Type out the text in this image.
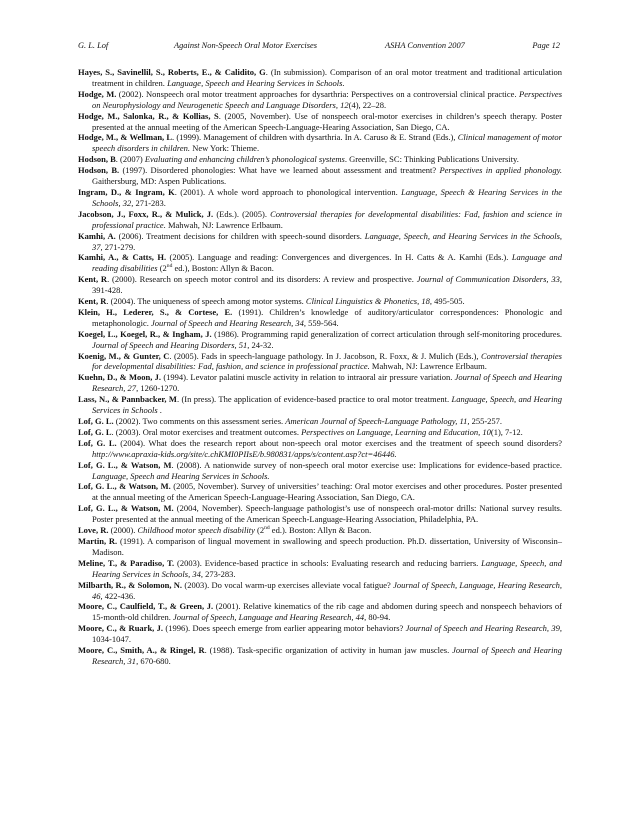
G. L. Lof	Against Non-Speech Oral Motor Exercises	ASHA Convention 2007	Page 12

Hayes, S., Savinellil, S., Roberts, E., & Calidito, G. (In submission). Comparison of an oral motor treatment and traditional articulation treatment in children. Language, Speech and Hearing Services in Schools.

Hodge, M. (2002). Nonspeech oral motor treatment approaches for dysarthria: Perspectives on a controversial clinical practice. Perspectives on Neurophysiology and Neurogenetic Speech and Language Disorders, 12(4), 22–28.

Hodge, M., Salonka, R., & Kollias, S. (2005, November). Use of nonspeech oral-motor exercises in children’s speech therapy. Poster presented at the annual meeting of the American Speech-Language-Hearing Association, San Diego, CA.

Hodge, M., & Wellman, L. (1999). Management of children with dysarthria. In A. Caruso & E. Strand (Eds.), Clinical management of motor speech disorders in children. New York: Thieme.

Hodson, B. (2007) Evaluating and enhancing children’s phonological systems. Greenville, SC: Thinking Publications University.

Hodson, B. (1997). Disordered phonologies: What have we learned about assessment and treatment? Perspectives in applied phonology. Gaithersburg, MD: Aspen Publications.

Ingram, D., & Ingram, K. (2001). A whole word approach to phonological intervention. Language, Speech & Hearing Services in the Schools, 32, 271-283.

Jacobson, J., Foxx, R., & Mulick, J. (Eds.). (2005). Controversial therapies for developmental disabilities: Fad, fashion and science in professional practice. Mahwah, NJ: Lawrence Erlbaum.

Kamhi, A. (2006). Treatment decisions for children with speech-sound disorders. Language, Speech, and Hearing Services in the Schools, 37, 271-279.

Kamhi, A., & Catts, H. (2005). Language and reading: Convergences and divergences. In H. Catts & A. Kamhi (Eds.). Language and reading disabilities (2nd ed.), Boston: Allyn & Bacon.

Kent, R. (2000). Research on speech motor control and its disorders: A review and prospective. Journal of Communication Disorders, 33, 391-428.

Kent, R. (2004). The uniqueness of speech among motor systems. Clinical Linguistics & Phonetics, 18, 495-505.

Klein, H., Lederer, S., & Cortese, E. (1991). Children’s knowledge of auditory/articulator correspondences: Phonologic and metaphonologic. Journal of Speech and Hearing Research, 34, 559-564.

Koegel, L., Koegel, R., & Ingham, J. (1986). Programming rapid generalization of correct articulation through self-monitoring procedures. Journal of Speech and Hearing Disorders, 51, 24-32.

Koenig, M., & Gunter, C. (2005). Fads in speech-language pathology. In J. Jacobson, R. Foxx, & J. Mulich (Eds.), Controversial therapies for developmental disabilities: Fad, fashion, and science in professional practice. Mahwah, NJ: Lawrence Erlbaum.

Kuehn, D., & Moon, J. (1994). Levator palatini muscle activity in relation to intraoral air pressure variation. Journal of Speech and Hearing Research, 27, 1260-1270.

Lass, N., & Pannbacker, M. (In press). The application of evidence-based practice to oral motor treatment. Language, Speech, and Hearing Services in Schools .

Lof, G. L. (2002). Two comments on this assessment series. American Journal of Speech-Language Pathology, 11, 255-257.

Lof, G. L. (2003). Oral motor exercises and treatment outcomes. Perspectives on Language, Learning and Education, 10(1), 7-12.

Lof, G. L. (2004). What does the research report about non-speech oral motor exercises and the treatment of speech sound disorders?http://www.apraxia-kids.org/site/c.chKMI0PIIsE/b.980831/apps/s/content.asp?ct=46446.

Lof, G. L., & Watson, M. (2008). A nationwide survey of non-speech oral motor exercise use: Implications for evidence-based practice. Language, Speech and Hearing Services in Schools.

Lof, G. L., & Watson, M. (2005, November). Survey of universities’ teaching: Oral motor exercises and other procedures. Poster presented at the annual meeting of the American Speech-Language-Hearing Association, San Diego, CA.

Lof, G. L., & Watson, M. (2004, November). Speech-language pathologist’s use of nonspeech oral-motor drills: National survey results. Poster presented at the annual meeting of the American Speech-Language-Hearing Association, Philadelphia, PA.

Love, R. (2000). Childhood motor speech disability (2nd ed.). Boston: Allyn & Bacon.

Martin, R. (1991). A comparison of lingual movement in swallowing and speech production. Ph.D. dissertation, University of Wisconsin–Madison.

Meline, T., & Paradiso, T. (2003). Evidence-based practice in schools: Evaluating research and reducing barriers. Language, Speech, and Hearing Services in Schools, 34, 273-283.

Milbarth, R., & Solomon, N. (2003). Do vocal warm-up exercises alleviate vocal fatigue? Journal of Speech, Language, Hearing Research, 46, 422-436.

Moore, C., Caulfield, T., & Green, J. (2001). Relative kinematics of the rib cage and abdomen during speech and nonspeech behaviors of 15-month-old children. Journal of Speech, Language and Hearing Research, 44, 80-94.

Moore, C., & Ruark, J. (1996). Does speech emerge from earlier appearing motor behaviors? Journal of Speech and Hearing Research, 39, 1034-1047.

Moore, C., Smith, A., & Ringel, R. (1988). Task-specific organization of activity in human jaw muscles. Journal of Speech and Hearing Research, 31, 670-680.
